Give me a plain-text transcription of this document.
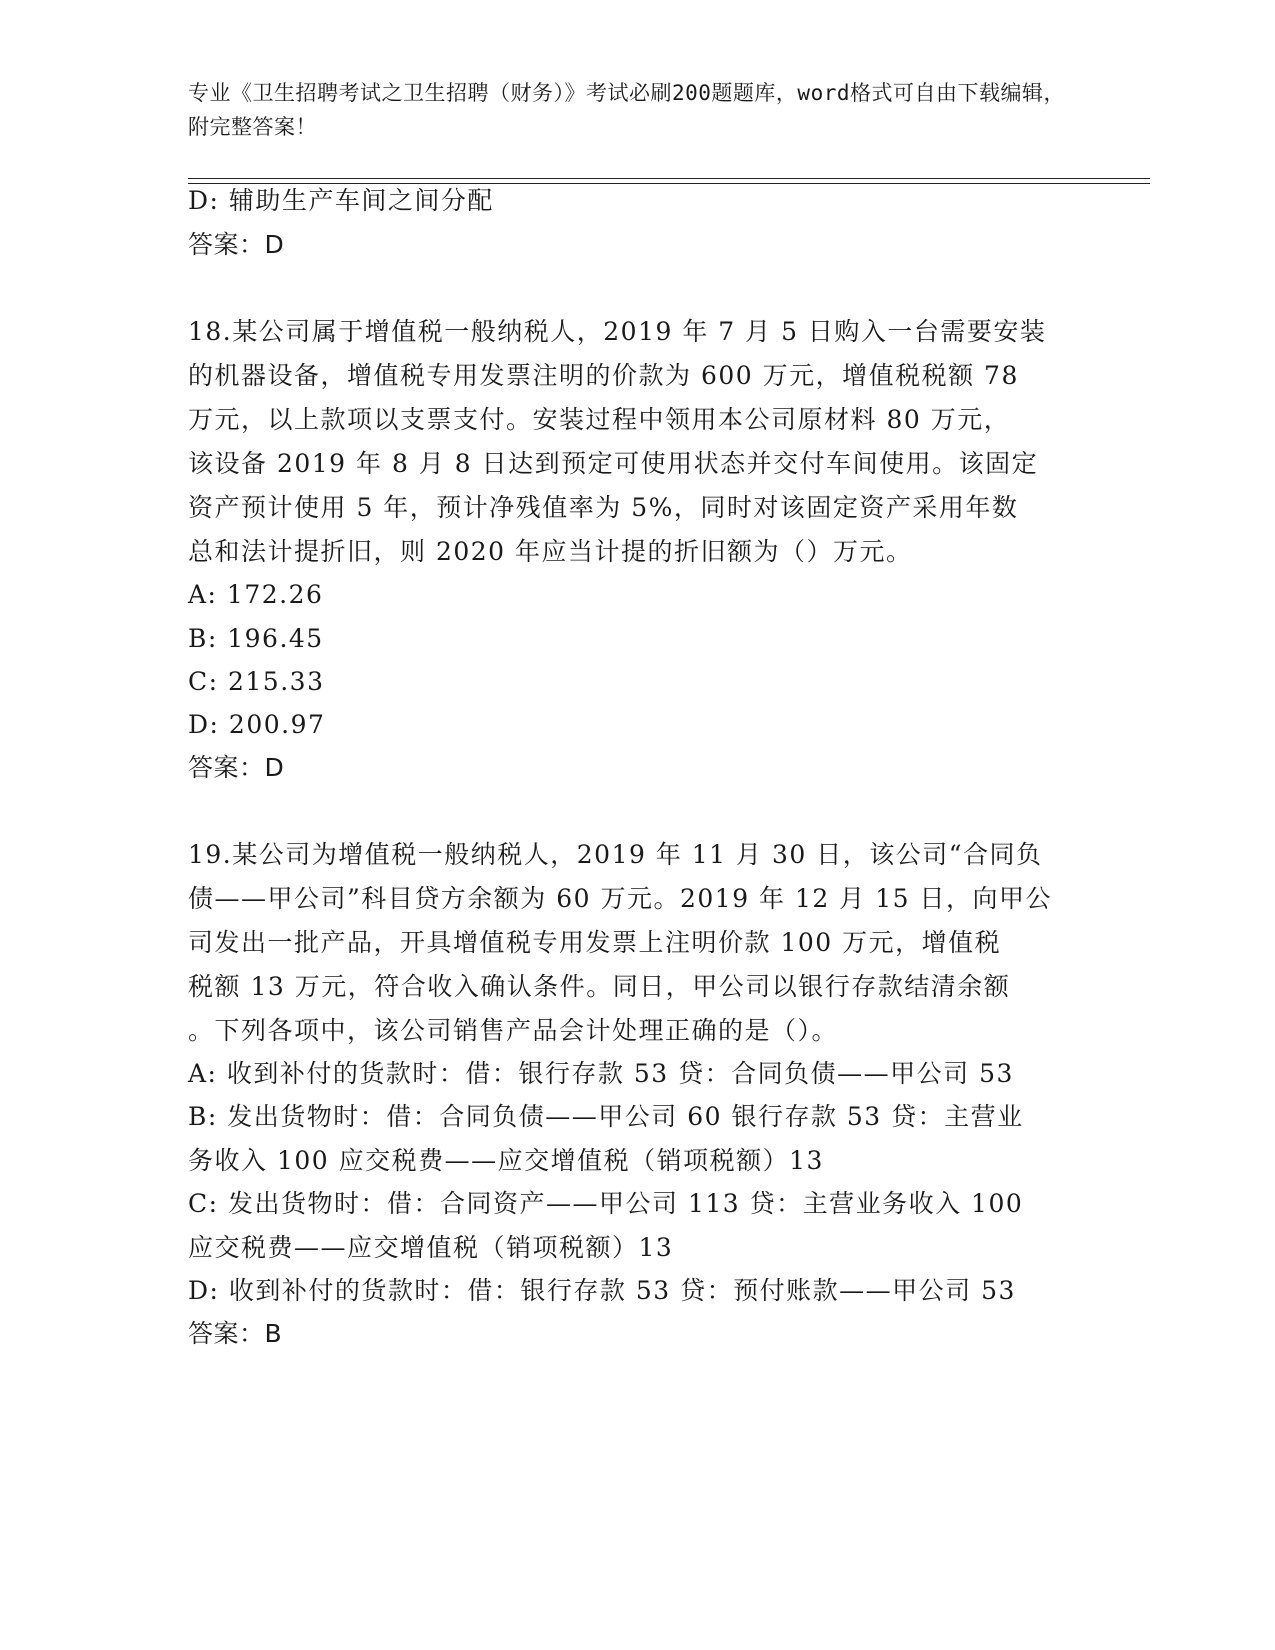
专业《卫生招聘考试之卫生招聘（财务）》考试必刷200题题库，word格式可自由下载编辑，附完整答案！
D: 辅助生产车间之间分配
答案：D
18.某公司属于增值税一般纳税人，2019 年 7 月 5 日购入一台需要安装
的机器设备，增值税专用发票注明的价款为 600 万元，增值税税额 78
万元，以上款项以支票支付。安装过程中领用本公司原材料 80 万元，
该设备 2019 年 8 月 8 日达到预定可使用状态并交付车间使用。该固定
资产预计使用 5 年，预计净残值率为 5%，同时对该固定资产采用年数
总和法计提折旧，则 2020 年应当计提的折旧额为（）万元。
A: 172.26
B: 196.45
C: 215.33
D: 200.97
答案：D
19.某公司为增值税一般纳税人，2019 年 11 月 30 日，该公司“合同负
债——甲公司”科目贷方余额为 60 万元。2019 年 12 月 15 日，向甲公
司发出一批产品，开具增值税专用发票上注明价款 100 万元，增值税
税额 13 万元，符合收入确认条件。同日，甲公司以银行存款结清余额
。下列各项中，该公司销售产品会计处理正确的是（）。
A: 收到补付的货款时：借：银行存款 53 贷：合同负债——甲公司 53
B: 发出货物时：借：合同负债——甲公司 60 银行存款 53 贷：主营业
务收入 100 应交税费——应交增值税（销项税额）13
C: 发出货物时：借：合同资产——甲公司 113 贷：主营业务收入 100
应交税费——应交增值税（销项税额）13
D: 收到补付的货款时：借：银行存款 53 贷：预付账款——甲公司 53
答案：B
